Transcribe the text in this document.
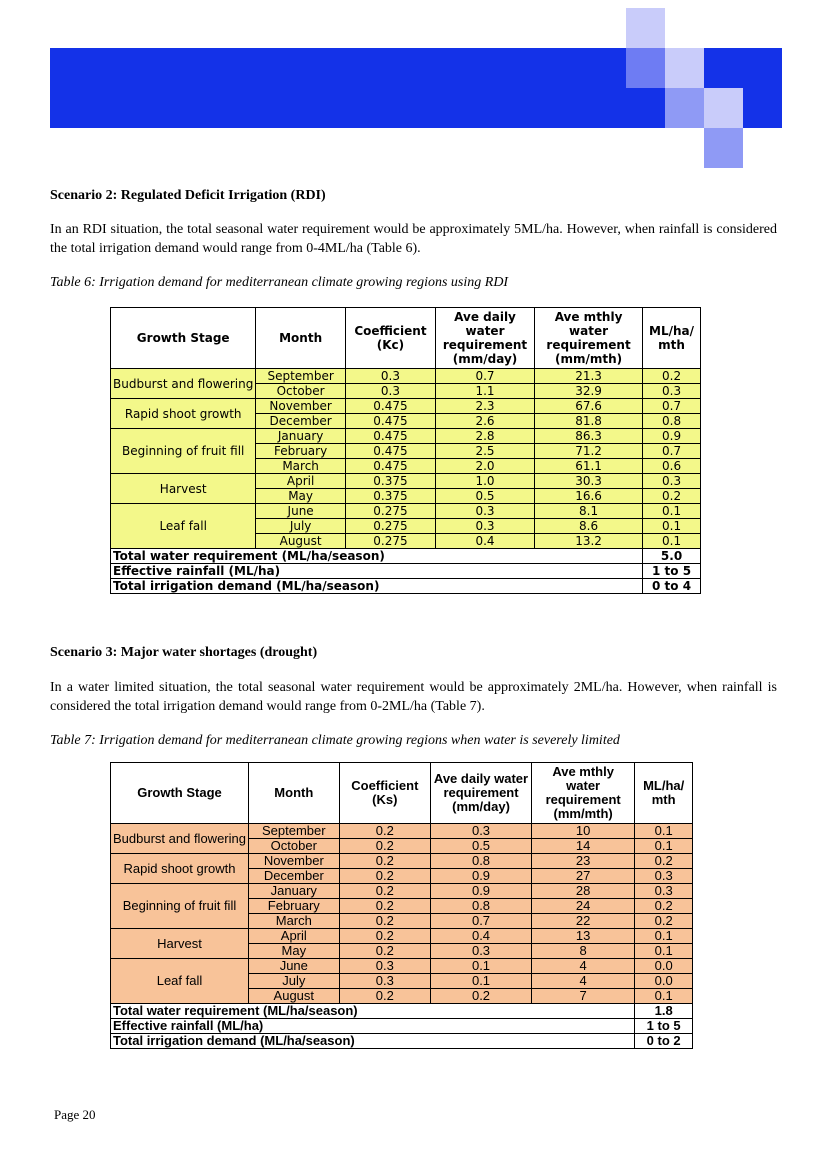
Scenario 2: Regulated Deficit Irrigation (RDI)
In an RDI situation, the total seasonal water requirement would be approximately 5ML/ha. However, when rainfall is considered the total irrigation demand would range from 0-4ML/ha (Table 6).
Table 6: Irrigation demand for mediterranean climate growing regions using RDI
Growth Stage	Month	Coefficient (Kc)	Ave daily water requirement (mm/day)	Ave mthly water requirement (mm/mth)	ML/ha/ mth
Budburst and flowering	September	0.3	0.7	21.3	0.2
	October	0.3	1.1	32.9	0.3
Rapid shoot growth	November	0.475	2.3	67.6	0.7
	December	0.475	2.6	81.8	0.8
Beginning of fruit fill	January	0.475	2.8	86.3	0.9
	February	0.475	2.5	71.2	0.7
	March	0.475	2.0	61.1	0.6
Harvest	April	0.375	1.0	30.3	0.3
	May	0.375	0.5	16.6	0.2
Leaf fall	June	0.275	0.3	8.1	0.1
	July	0.275	0.3	8.6	0.1
	August	0.275	0.4	13.2	0.1
Total water requirement (ML/ha/season)					5.0
Effective rainfall (ML/ha)					1 to 5
Total irrigation demand (ML/ha/season)					0 to 4
Scenario 3: Major water shortages (drought)
In a water limited situation, the total seasonal water requirement would be approximately 2ML/ha. However, when rainfall is considered the total irrigation demand would range from 0-2ML/ha (Table 7).
Table 7: Irrigation demand for mediterranean climate growing regions when water is severely limited
Growth Stage	Month	Coefficient (Ks)	Ave daily water requirement (mm/day)	Ave mthly water requirement (mm/mth)	ML/ha/ mth
Budburst and flowering	September	0.2	0.3	10	0.1
	October	0.2	0.5	14	0.1
Rapid shoot growth	November	0.2	0.8	23	0.2
	December	0.2	0.9	27	0.3
Beginning of fruit fill	January	0.2	0.9	28	0.3
	February	0.2	0.8	24	0.2
	March	0.2	0.7	22	0.2
Harvest	April	0.2	0.4	13	0.1
	May	0.2	0.3	8	0.1
Leaf fall	June	0.3	0.1	4	0.0
	July	0.3	0.1	4	0.0
	August	0.2	0.2	7	0.1
Total water requirement (ML/ha/season)					1.8
Effective rainfall (ML/ha)					1 to 5
Total irrigation demand (ML/ha/season)					0 to 2
Page 20
